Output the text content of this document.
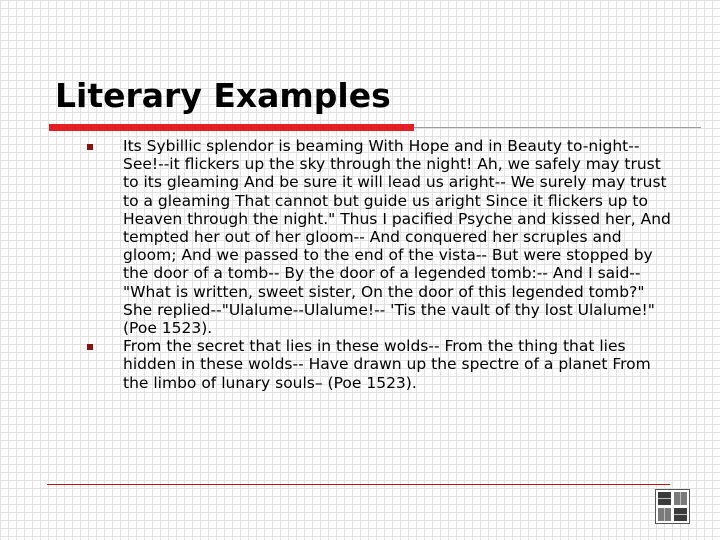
Literary Examples
Its Sybillic splendor is beaming With Hope and in Beauty to-night-- See!--it flickers up the sky through the night! Ah, we safely may trust to its gleaming And be sure it will lead us aright-- We surely may trust to a gleaming That cannot but guide us aright Since it flickers up to Heaven through the night." Thus I pacified Psyche and kissed her, And tempted her out of her gloom-- And conquered her scruples and gloom; And we passed to the end of the vista-- But were stopped by the door of a tomb-- By the door of a legended tomb:-- And I said--"What is written, sweet sister, On the door of this legended tomb?" She replied--"Ulalume--Ulalume!-- 'Tis the vault of thy lost Ulalume!" (Poe 1523).
From the secret that lies in these wolds-- From the thing that lies hidden in these wolds-- Have drawn up the spectre of a planet From the limbo of lunary souls– (Poe 1523).
